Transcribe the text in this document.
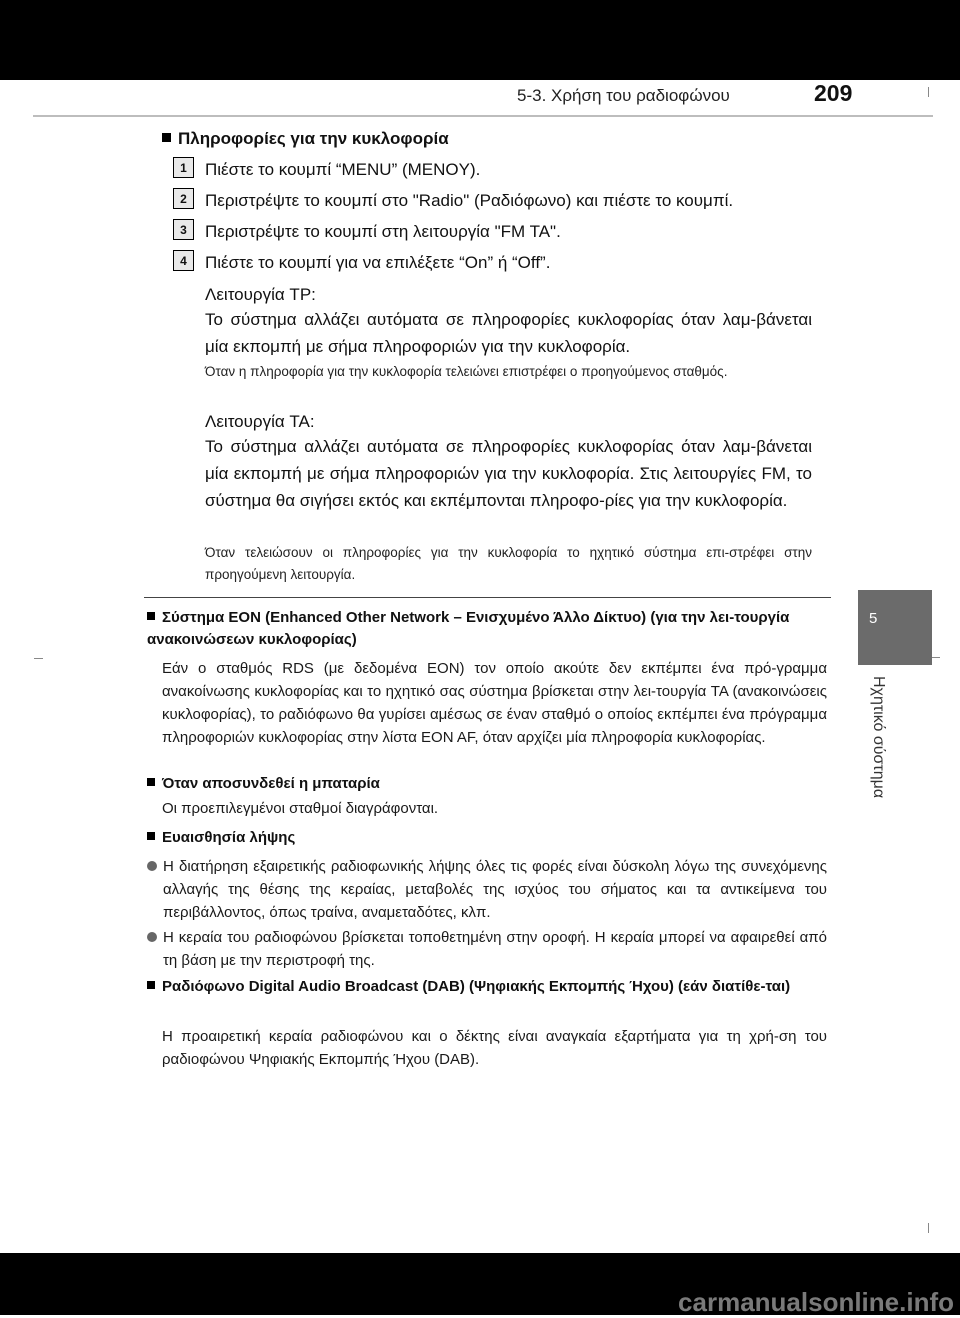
5-3. Χρήση του ραδιοφώνου	209
5
Ηχητικό σύστημα
Πληροφορίες για την κυκλοφορία
1	Πιέστε το κουμπί “MENU” (MENOY).
2	Περιστρέψτε το κουμπί στο "Radio" (Ραδιόφωνο) και πιέστε το κουμπί.
3	Περιστρέψτε το κουμπί στη λειτουργία "FM TA".
4	Πιέστε το κουμπί για να επιλέξετε “On” ή “Off”.
Λειτουργία TP:
Το σύστημα αλλάζει αυτόματα σε πληροφορίες κυκλοφορίας όταν λαμ-βάνεται μία εκπομπή με σήμα πληροφοριών για την κυκλοφορία.
Όταν η πληροφορία για την κυκλοφορία τελειώνει επιστρέφει ο προηγούμενος σταθμός.
Λειτουργία TA:
Το σύστημα αλλάζει αυτόματα σε πληροφορίες κυκλοφορίας όταν λαμ-βάνεται μία εκπομπή με σήμα πληροφοριών για την κυκλοφορία. Στις λειτουργίες FM, το σύστημα θα σιγήσει εκτός και εκπέμπονται πληροφο-ρίες για την κυκλοφορία.
Όταν τελειώσουν οι πληροφορίες για την κυκλοφορία το ηχητικό σύστημα επι-στρέφει στην προηγούμενη λειτουργία.
Σύστημα EON (Enhanced Other Network – Ενισχυμένο Άλλο Δίκτυο) (για την λει-τουργία ανακοινώσεων κυκλοφορίας)
Εάν ο σταθμός RDS (με δεδομένα EON) τον οποίο ακούτε δεν εκπέμπει ένα πρό-γραμμα ανακοίνωσης κυκλοφορίας και το ηχητικό σας σύστημα βρίσκεται στην λει-τουργία TA (ανακοινώσεις κυκλοφορίας), το ραδιόφωνο θα γυρίσει αμέσως σε έναν σταθμό ο οποίος εκπέμπει ένα πρόγραμμα πληροφοριών κυκλοφορίας στην λίστα EON AF, όταν αρχίζει μία πληροφορία κυκλοφορίας.
Όταν αποσυνδεθεί η μπαταρία
Οι προεπιλεγμένοι σταθμοί διαγράφονται.
Ευαισθησία λήψης
Η διατήρηση εξαιρετικής ραδιοφωνικής λήψης όλες τις φορές είναι δύσκολη λόγω της συνεχόμενης αλλαγής της θέσης της κεραίας, μεταβολές της ισχύος του σήματος και τα αντικείμενα του περιβάλλοντος, όπως τραίνα, αναμεταδότες, κλπ.
Η κεραία του ραδιοφώνου βρίσκεται τοποθετημένη στην οροφή. Η κεραία μπορεί να αφαιρεθεί από τη βάση με την περιστροφή της.
Ραδιόφωνο Digital Audio Broadcast (DAB) (Ψηφιακής Εκπομπής Ήχου) (εάν διατίθε-ται)
Η προαιρετική κεραία ραδιοφώνου και ο δέκτης είναι αναγκαία εξαρτήματα για τη χρή-ση του ραδιοφώνου Ψηφιακής Εκπομπής Ήχου (DAB).
carmanualsonline.info
